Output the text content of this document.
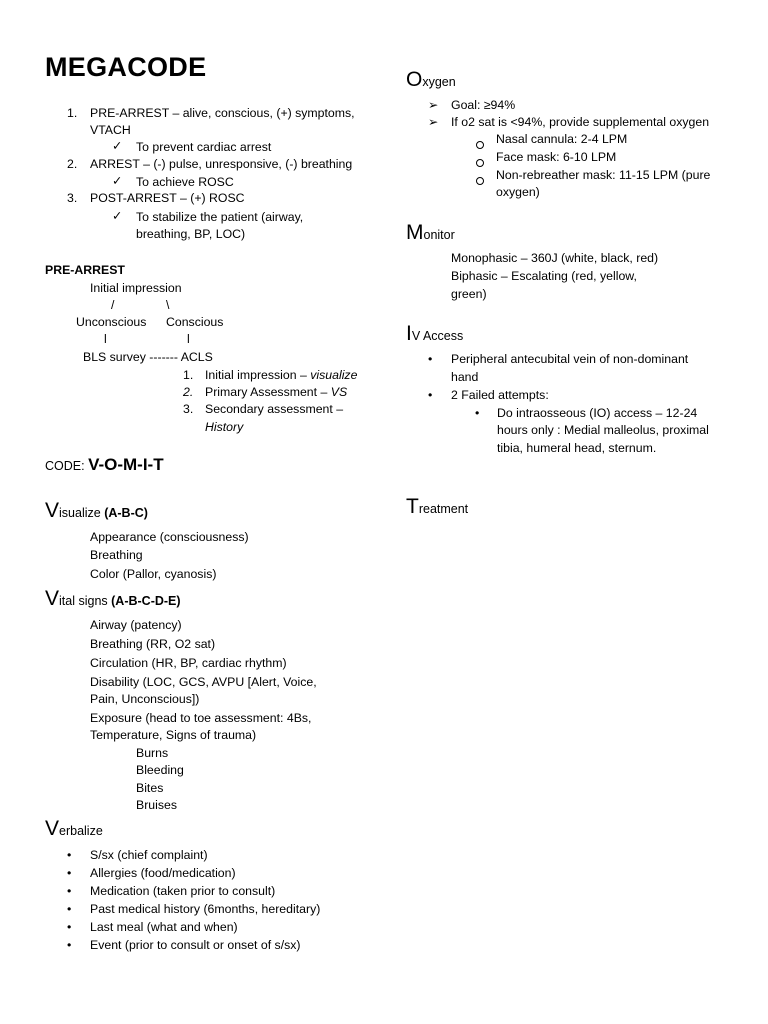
MEGACODE
1. PRE-ARREST – alive, conscious, (+) symptoms,
VTACH
✓ To prevent cardiac arrest
2. ARREST – (-) pulse, unresponsive, (-) breathing
✓ To achieve ROSC
3. POST-ARREST – (+) ROSC
✓ To stabilize the patient (airway,
breathing, BP, LOC)
PRE-ARREST
Initial impression
/	\
Unconscious Conscious
l	l
BLS survey ------- ACLS
1. Initial impression – visualize
2. Primary Assessment – VS
3. Secondary assessment –
History
CODE: V-O-M-I-T
Visualize (A-B-C)
Appearance (consciousness)
Breathing
Color (Pallor, cyanosis)
Vital signs (A-B-C-D-E)
Airway (patency)
Breathing (RR, O2 sat)
Circulation (HR, BP, cardiac rhythm)
Disability (LOC, GCS, AVPU [Alert, Voice,
Pain, Unconscious])
Exposure (head to toe assessment: 4Bs,
Temperature, Signs of trauma)
Burns
Bleeding
Bites
Bruises
Verbalize
• S/sx (chief complaint)
• Allergies (food/medication)
• Medication (taken prior to consult)
• Past medical history (6months, hereditary)
• Last meal (what and when)
• Event (prior to consult or onset of s/sx)
Oxygen
➢ Goal: ≥94%
➢ If o2 sat is <94%, provide supplemental oxygen
Nasal cannula: 2-4 LPM
Face mask: 6-10 LPM
Non-rebreather mask: 11-15 LPM (pure
oxygen)
Monitor
Monophasic – 360J (white, black, red)
Biphasic – Escalating (red, yellow,
green)
IV Access
• Peripheral antecubital vein of non-dominant
hand
• 2 Failed attempts:
• Do intraosseous (IO) access – 12-24
hours only : Medial malleolus, proximal
tibia, humeral head, sternum.
Treatment
